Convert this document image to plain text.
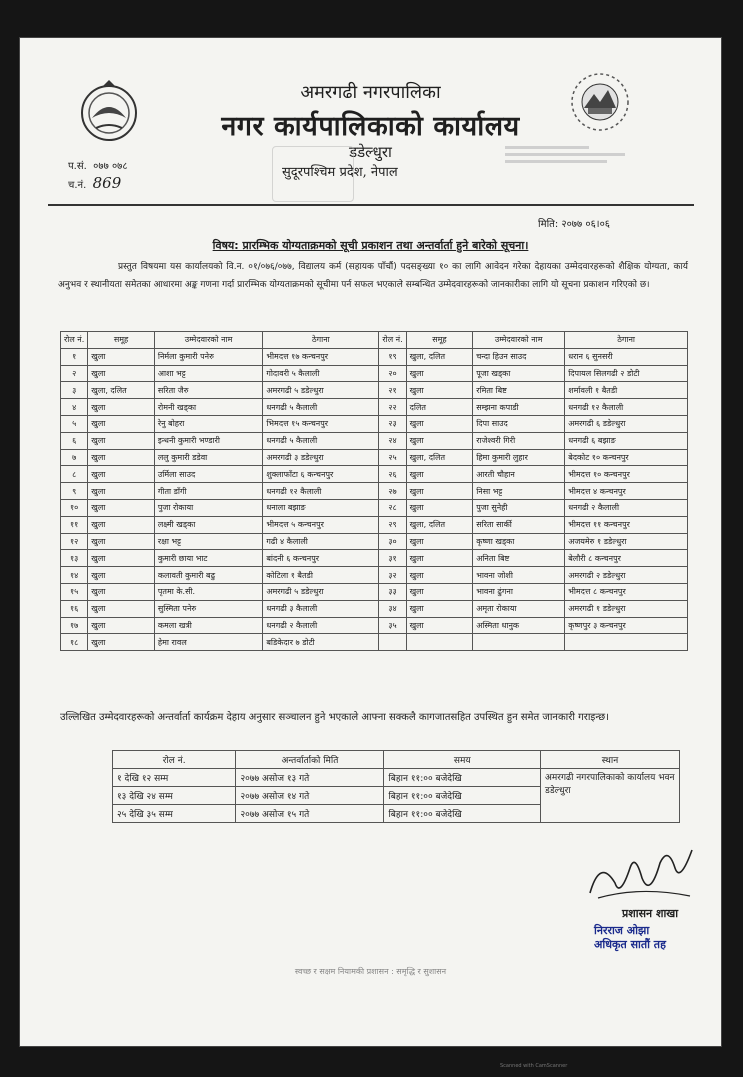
अमरगढी नगरपालिका
नगर कार्यपालिकाको कार्यालय
डडेल्धुरा
सुदूरपश्चिम प्रदेश, नेपाल
प.सं. ०७७ ०७८
च.नं. 869
मिति: २०७७ ०६।०६
विषय: प्रारम्भिक योग्यताक्रमको सूची प्रकाशन तथा अन्तर्वार्ता हुने बारेको सूचना।
प्रस्तुत विषयमा यस कार्यालयको वि.न. ०१/०७६/०७७, विद्यालय कर्म (सहायक पाँचौं) पदसङ्ख्या १० का लागि आवेदन गरेका देहायका उम्मेदवारहरूको शैक्षिक योग्यता, कार्य अनुभव र स्थानीयता समेतका आधारमा अङ्क गणना गर्दा प्रारम्भिक योग्यताक्रमको सूचीमा पर्न सफल भएकाले सम्बन्धित उम्मेदवारहरूको जानकारीका लागि यो सूचना प्रकाशन गरिएको छ।
रोल नं.	समूह	उम्मेदवारको नाम	ठेगाना	रोल नं.	समूह	उम्मेदवारको नाम	ठेगाना
१	खुला	निर्मला कुमारी पनेरु	भीमदत्त १७ कन्चनपुर	१९	खुला, दलित	चन्दा हिउन साउद	धरान ६ सुनसरी
२	खुला	आशा भट्ट	गोदावरी ५ कैलाली	२०	खुला	पूजा खड्का	दिपायल सिलगढी २ डोटी
३	खुला, दलित	सरिता जैरु	अमरगढी ५ डडेल्धुरा	२१	खुला	रमिता बिष्ट	शर्मावली १ बैतडी
४	खुला	रोमनी खड्का	धनगढी ५ कैलाली	२२	दलित	सम्झना कपाडी	धनगढी १२ कैलाली
५	खुला	रेनु बोहरा	भिमदत्त १५ कन्चनपुर	२३	खुला	दिपा साउद	अमरगढी ६ डडेल्धुरा
६	खुला	इन्धनी कुमारी भण्डारी	धनगढी ५ कैलाली	२४	खुला	राजेश्वरी गिरी	धनगढी ६ बझाङ
७	खुला	ललु कुमारी डडेवा	अमरगढी ३ डडेल्धुरा	२५	खुला, दलित	हिमा कुमारी लुहार	बेदकोट १० कन्चनपुर
८	खुला	उर्मिला साउद	शुक्लाफाँटा ६ कन्चनपुर	२६	खुला	आरती चौहान	भीमदत्त १० कन्चनपुर
९	खुला	गीता डाँगी	धनगढी १२ कैलाली	२७	खुला	निसा भट्ट	भीमदत्त ४ कन्चनपुर
१०	खुला	पुजा रोकाया	धनाला बझाङ	२८	खुला	पुजा सुनेही	धनगढी २ कैलाली
११	खुला	लक्ष्मी खड्का	भीमदत्त ५ कन्चनपुर	२९	खुला, दलित	सरिता सार्की	भीमदत्त ११ कन्चनपुर
१२	खुला	रक्षा भट्ट	गढी ४ कैलाली	३०	खुला	कृष्णा खड्का	अजयमेरु १ डडेल्धुरा
१३	खुला	कुमारी छाया भाट	बांदनी ६ कन्चनपुर	३१	खुला	अनिता बिष्ट	बेलौरी ८ कन्चनपुर
१४	खुला	कलावती कुमारी बढु	कोटिला १ बैतडी	३२	खुला	भावना जोशी	अमरगढी २ डडेल्धुरा
१५	खुला	पृतमा के.सी.	अमरगढी ५ डडेल्धुरा	३३	खुला	भावना ढुंगना	भीमदत्त ८ कन्चनपुर
१६	खुला	सुस्मिता पनेरु	धनगढी ३ कैलाली	३४	खुला	अमृता रोकाया	अमरगढी १ डडेल्धुरा
१७	खुला	कमला खत्री	धनगढी २ कैलाली	३५	खुला	अस्मिता धानुक	कृष्णपुर ३ कन्चनपुर
१८	खुला	हेमा रावल	बडिकेदार ७ डोटी				
उल्लिखित उम्मेदवारहरूको अन्तर्वार्ता कार्यक्रम देहाय अनुसार सञ्चालन हुने भएकाले आफ्ना सक्कलै कागजातसहित उपस्थित हुन समेत जानकारी गराइन्छ।
रोल नं.	अन्तर्वार्ताको मिति	समय	स्थान
१ देखि १२ सम्म	२०७७ असोज १३ गते	बिहान ११:०० बजेदेखि	अमरगढी नगरपालिकाको कार्यालय भवन डडेल्धुरा
१३ देखि २४ सम्म	२०७७ असोज १४ गते	बिहान ११:०० बजेदेखि	
२५ देखि ३५ सम्म	२०७७ असोज १५ गते	बिहान ११:०० बजेदेखि	
प्रशासन शाखा
निरराज ओझा
अधिकृत सातौं तह
स्वच्छ र सक्षम नियामकी प्रशासन : समृद्धि र सुशासन
Scanned with CamScanner
